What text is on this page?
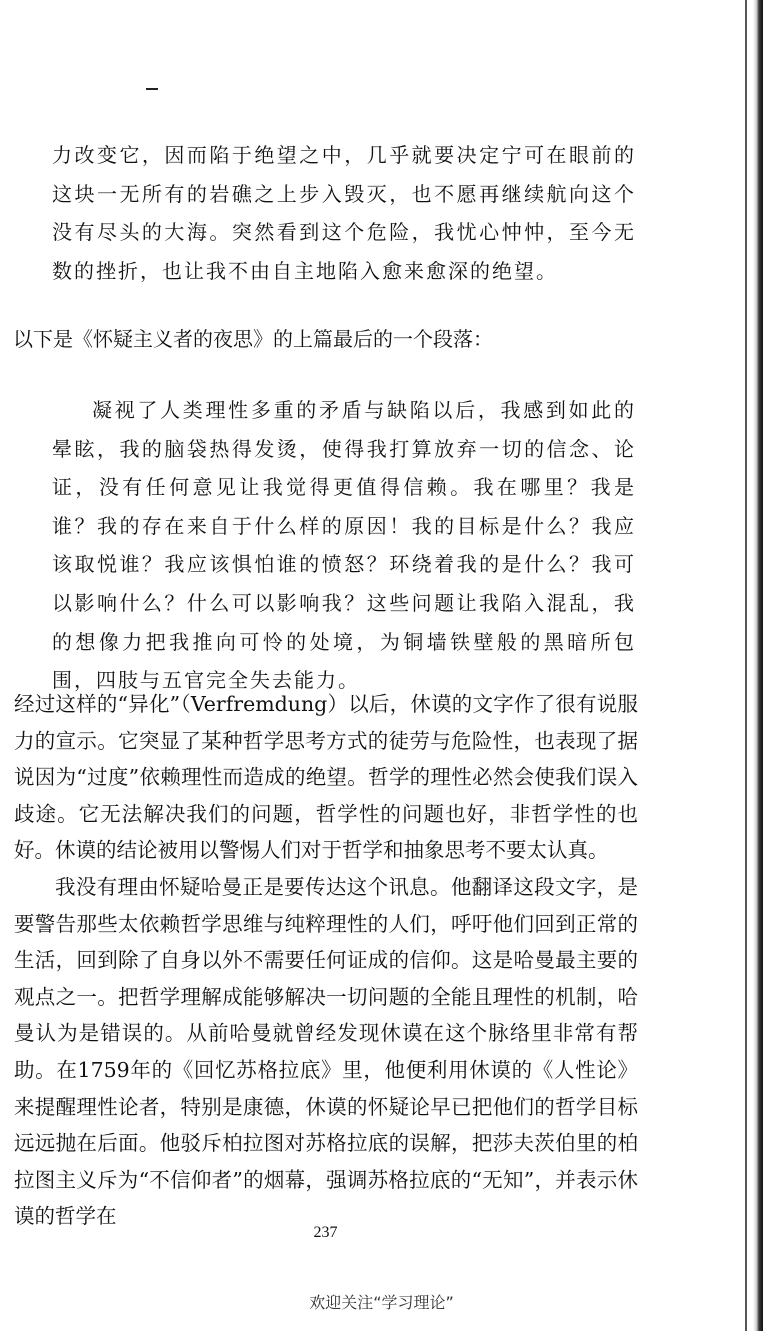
力改变它，因而陷于绝望之中，几乎就要决定宁可在眼前的这块一无所有的岩礁之上步入毁灭，也不愿再继续航向这个没有尽头的大海。突然看到这个危险，我忧心忡忡，至今无数的挫折，也让我不由自主地陷入愈来愈深的绝望。
以下是《怀疑主义者的夜思》的上篇最后的一个段落：
凝视了人类理性多重的矛盾与缺陷以后，我感到如此的晕眩，我的脑袋热得发烫，使得我打算放弃一切的信念、论证，没有任何意见让我觉得更值得信赖。我在哪里？我是谁？我的存在来自于什么样的原因！我的目标是什么？我应该取悦谁？我应该惧怕谁的愤怒？环绕着我的是什么？我可以影响什么？什么可以影响我？这些问题让我陷入混乱，我的想像力把我推向可怜的处境，为铜墙铁壁般的黑暗所包围，四肢与五官完全失去能力。
经过这样的“异化”（Verfremdung）以后，休谟的文字作了很有说服力的宣示。它突显了某种哲学思考方式的徒劳与危险性，也表现了据说因为“过度”依赖理性而造成的绝望。哲学的理性必然会使我们误入歧途。它无法解决我们的问题，哲学性的问题也好，非哲学性的也好。休谟的结论被用以警惕人们对于哲学和抽象思考不要太认真。
我没有理由怀疑哈曼正是要传达这个讯息。他翻译这段文字，是要警告那些太依赖哲学思维与纯粹理性的人们，呼吁他们回到正常的生活，回到除了自身以外不需要任何证成的信仰。这是哈曼最主要的观点之一。把哲学理解成能够解决一切问题的全能且理性的机制，哈曼认为是错误的。从前哈曼就曾经发现休谟在这个脉络里非常有帮助。在1759年的《回忆苏格拉底》里，他便利用休谟的《人性论》来提醒理性论者，特别是康德，休谟的怀疑论早已把他们的哲学目标远远抛在后面。他驳斥柏拉图对苏格拉底的误解，把莎夫茨伯里的柏拉图主义斥为“不信仰者”的烟幕，强调苏格拉底的“无知”，并表示休谟的哲学在
237
欢迎关注“学习理论”
